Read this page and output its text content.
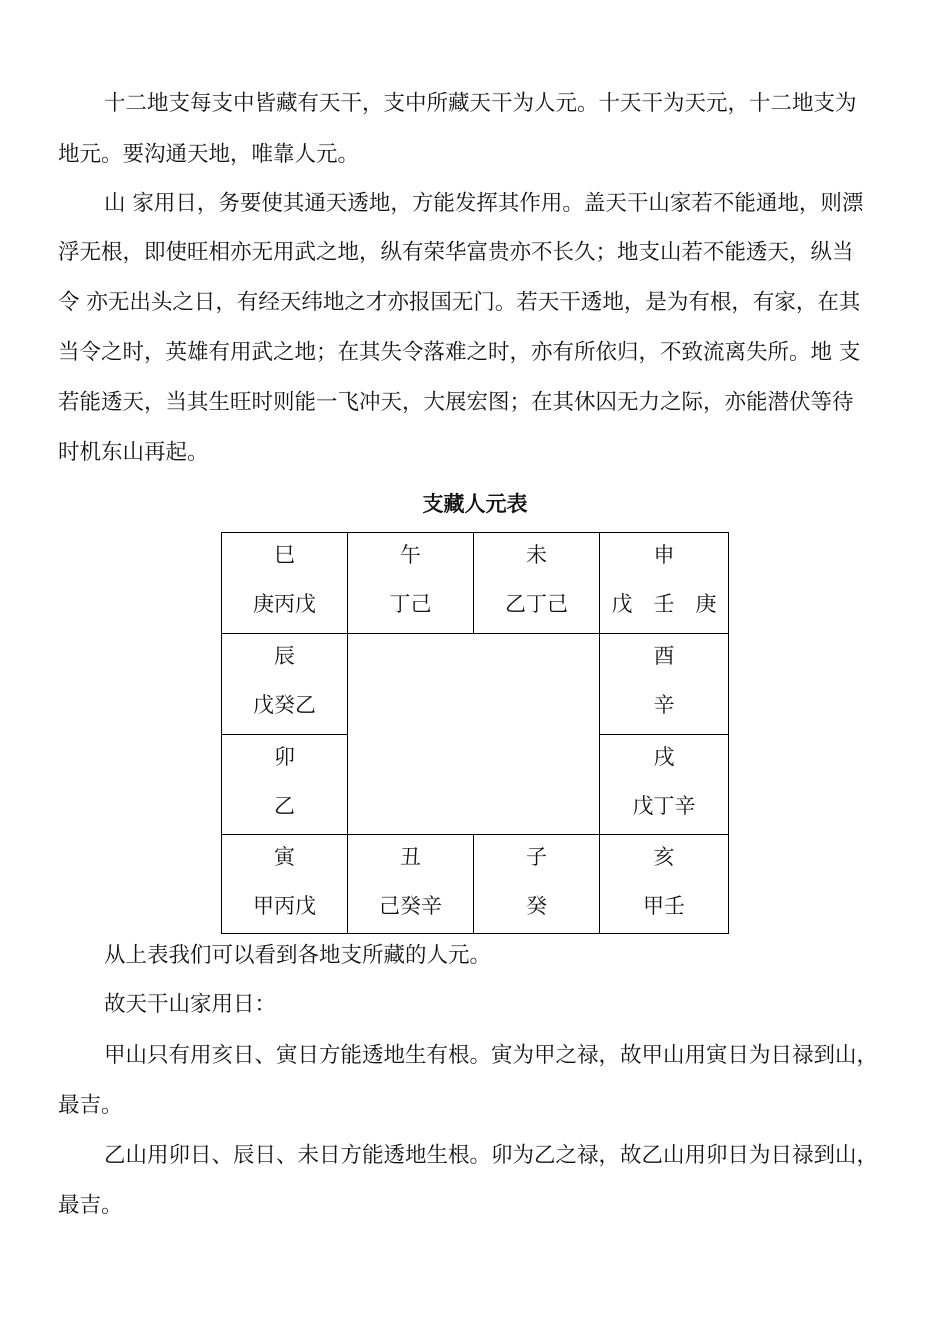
十二地支每支中皆藏有天干，支中所藏天干为人元。十天干为天元，十二地支为

地元。要沟通天地，唯靠人元。

山 家用日，务要使其通天透地，方能发挥其作用。盖天干山家若不能通地，则漂

浮无根，即使旺相亦无用武之地，纵有荣华富贵亦不长久；地支山若不能透天，纵当

令 亦无出头之日，有经天纬地之才亦报国无门。若天干透地，是为有根，有家，在其

当令之时，英雄有用武之地；在其失令落难之时，亦有所依归，不致流离失所。地 支

若能透天，当其生旺时则能一飞冲天，大展宏图；在其休囚无力之际，亦能潜伏等待

时机东山再起。

支藏人元表
巳
庚丙戊
午
丁己
未
乙丁己
申
戊　壬　庚
辰
戊癸乙
酉
辛
卯
乙
戌
戊丁辛
寅
甲丙戊
丑
己癸辛
子
癸
亥
甲壬

从上表我们可以看到各地支所藏的人元。

故天干山家用日：

甲山只有用亥日、寅日方能透地生有根。寅为甲之禄，故甲山用寅日为日禄到山，

最吉。

乙山用卯日、辰日、未日方能透地生根。卯为乙之禄，故乙山用卯日为日禄到山，

最吉。
